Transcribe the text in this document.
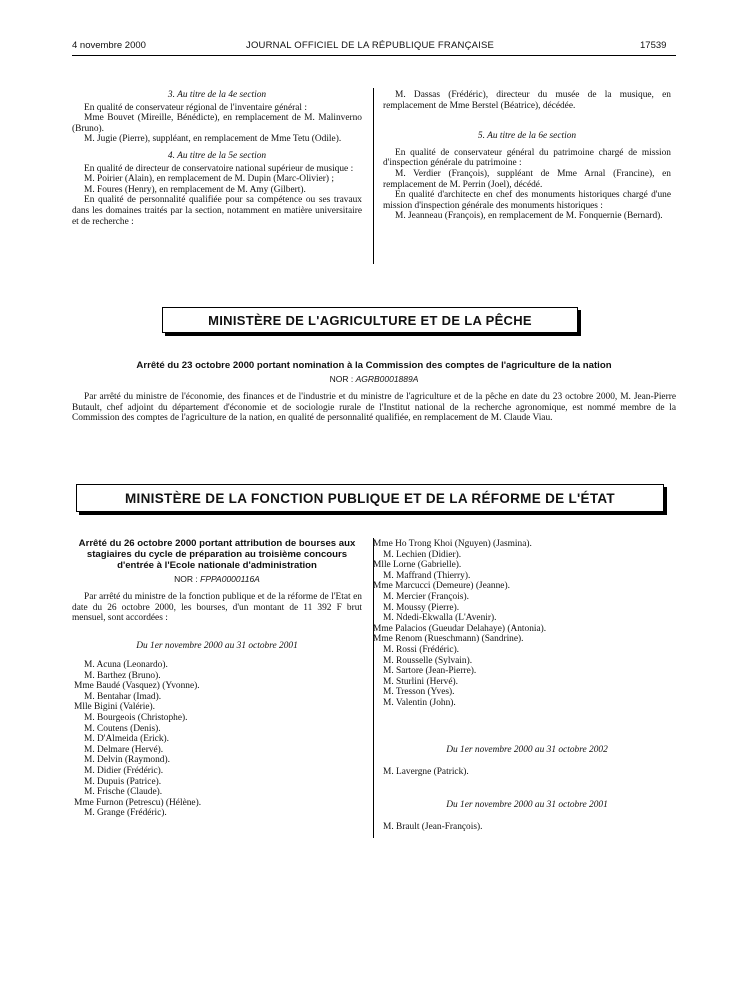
4 novembre 2000	JOURNAL OFFICIEL DE LA RÉPUBLIQUE FRANÇAISE	17539

3. Au titre de la 4e section

En qualité de conservateur régional de l'inventaire général :

Mme Bouvet (Mireille, Bénédicte), en remplacement de M. Malinverno (Bruno).

M. Jugie (Pierre), suppléant, en remplacement de Mme Tetu (Odile).

4. Au titre de la 5e section

En qualité de directeur de conservatoire national supérieur de musique :

M. Poirier (Alain), en remplacement de M. Dupin (Marc-Olivier) ;

M. Foures (Henry), en remplacement de M. Amy (Gilbert).

En qualité de personnalité qualifiée pour sa compétence ou ses travaux dans les domaines traités par la section, notamment en matière universitaire et de recherche :

M. Dassas (Frédéric), directeur du musée de la musique, en remplacement de Mme Berstel (Béatrice), décédée.

5. Au titre de la 6e section

En qualité de conservateur général du patrimoine chargé de mission d'inspection générale du patrimoine :

M. Verdier (François), suppléant de Mme Arnal (Francine), en remplacement de M. Perrin (Joel), décédé.

En qualité d'architecte en chef des monuments historiques chargé d'une mission d'inspection générale des monuments historiques :

M. Jeanneau (François), en remplacement de M. Fonquernie (Bernard).

MINISTÈRE DE L'AGRICULTURE ET DE LA PÊCHE
Arrêté du 23 octobre 2000 portant nomination à la Commission des comptes de l'agriculture de la nation
NOR : AGRB0001889A
Par arrêté du ministre de l'économie, des finances et de l'industrie et du ministre de l'agriculture et de la pêche en date du 23 octobre 2000, M. Jean-Pierre Butault, chef adjoint du département d'économie et de sociologie rurale de l'Institut national de la recherche agronomique, est nommé membre de la Commission des comptes de l'agriculture de la nation, en qualité de personnalité qualifiée, en remplacement de M. Claude Viau.
MINISTÈRE DE LA FONCTION PUBLIQUE ET DE LA RÉFORME DE L'ÉTAT
Arrêté du 26 octobre 2000 portant attribution de bourses aux stagiaires du cycle de préparation au troisième concours d'entrée à l'Ecole nationale d'administration
NOR : FPPA0000116A
Par arrêté du ministre de la fonction publique et de la réforme de l'Etat en date du 26 octobre 2000, les bourses, d'un montant de 11 392 F brut mensuel, sont accordées :
Du 1er novembre 2000 au 31 octobre 2001

M. Acuna (Leonardo).

M. Barthez (Bruno).

Mme Baudé (Vasquez) (Yvonne).

M. Bentahar (Imad).

Mlle Bigini (Valérie).

M. Bourgeois (Christophe).

M. Coutens (Denis).

M. D'Almeida (Erick).

M. Delmare (Hervé).

M. Delvin (Raymond).

M. Didier (Frédéric).

M. Dupuis (Patrice).

M. Frische (Claude).

Mme Furnon (Petrescu) (Hélène).

M. Grange (Frédéric).

Mme Ho Trong Khoi (Nguyen) (Jasmina).

M. Lechien (Didier).

Mlle Lorne (Gabrielle).

M. Maffrand (Thierry).

Mme Marcucci (Demeure) (Jeanne).

M. Mercier (François).

M. Moussy (Pierre).

M. Ndedi-Ekwalla (L'Avenir).

Mme Palacios (Gueudar Delahaye) (Antonia).

Mme Renom (Rueschmann) (Sandrine).

M. Rossi (Frédéric).

M. Rousselle (Sylvain).

M. Sartore (Jean-Pierre).

M. Sturlini (Hervé).

M. Tresson (Yves).

M. Valentin (John).

Du 1er novembre 2000 au 31 octobre 2002

M. Lavergne (Patrick).

Du 1er novembre 2000 au 31 octobre 2001

M. Brault (Jean-François).
